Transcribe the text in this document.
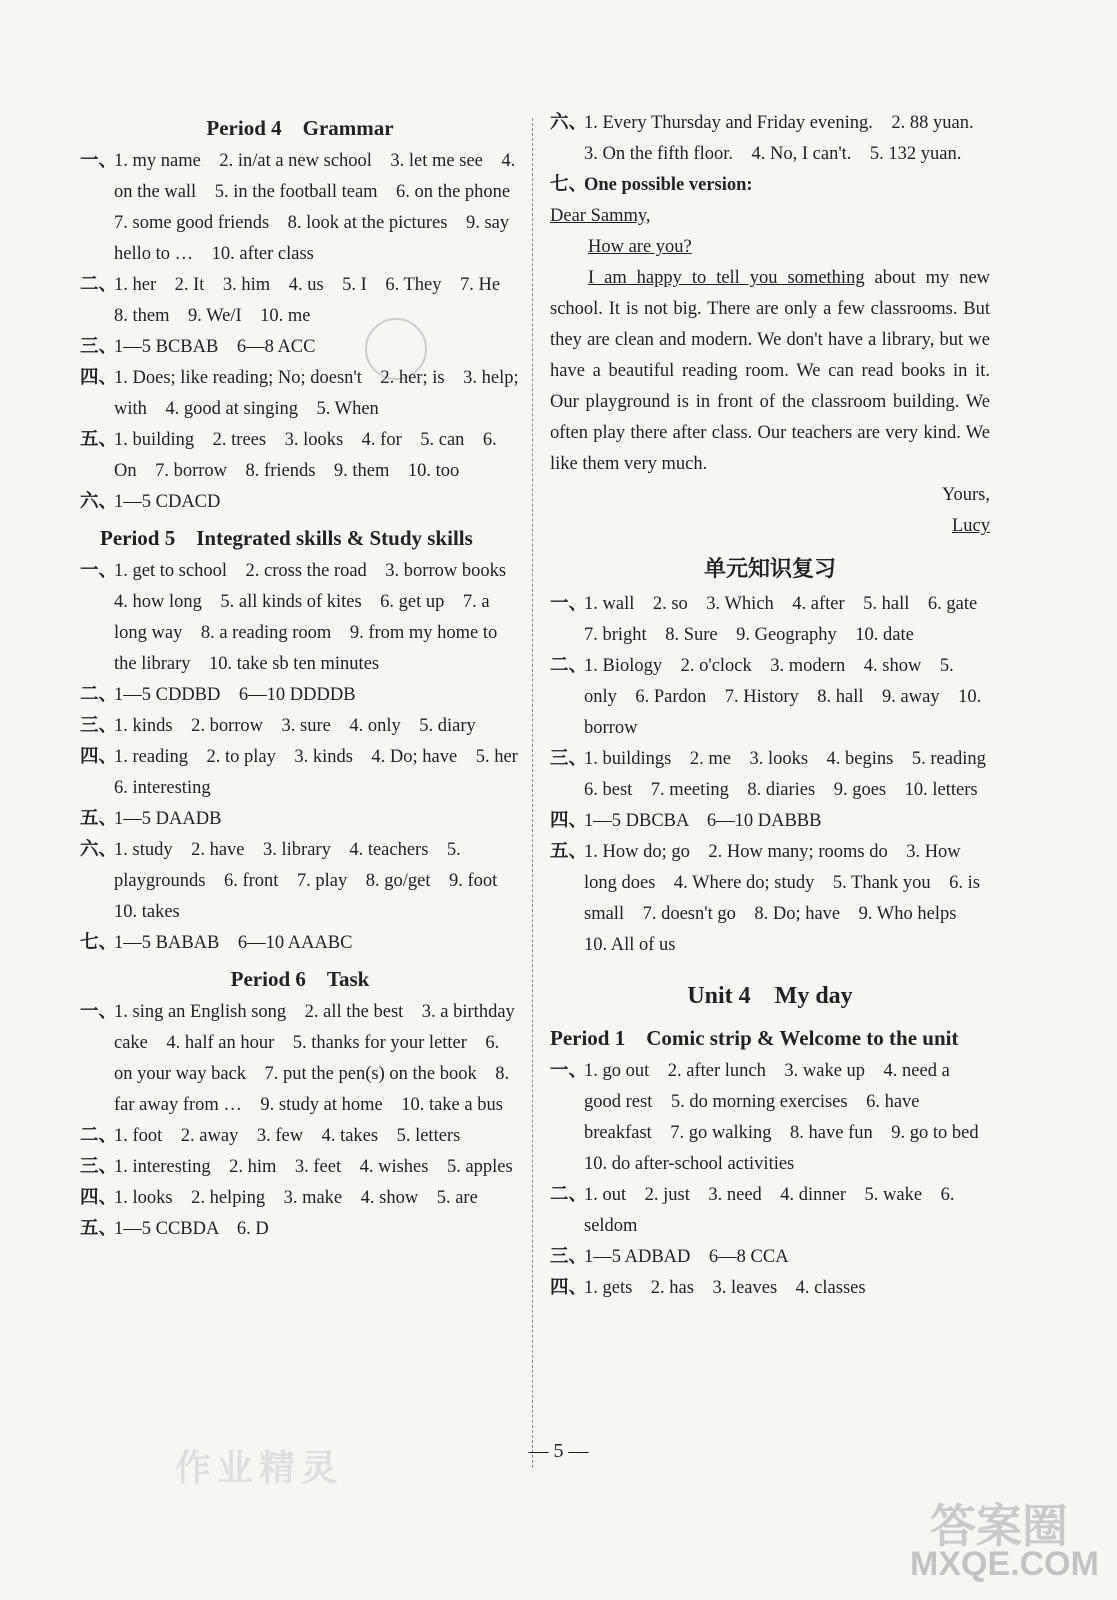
Period 4　Grammar
一、
1. my name　2. in/at a new school　3. let me see　4. on the wall　5. in the football team　6. on the phone　7. some good friends　8. look at the pictures　9. say hello to …　10. after class
二、
1. her　2. It　3. him　4. us　5. I　6. They　7. He　8. them　9. We/I　10. me
三、
1—5 BCBAB　6—8 ACC
四、
1. Does; like reading; No; doesn't　2. her; is　3. help; with　4. good at singing　5. When
五、
1. building　2. trees　3. looks　4. for　5. can　6. On　7. borrow　8. friends　9. them　10. too
六、
1—5 CDACD
Period 5　Integrated skills & Study skills
一、
1. get to school　2. cross the road　3. borrow books　4. how long　5. all kinds of kites　6. get up　7. a long way　8. a reading room　9. from my home to the library　10. take sb ten minutes
二、
1—5 CDDBD　6—10 DDDDB
三、
1. kinds　2. borrow　3. sure　4. only　5. diary
四、
1. reading　2. to play　3. kinds　4. Do; have　5. her　6. interesting
五、
1—5 DAADB
六、
1. study　2. have　3. library　4. teachers　5. playgrounds　6. front　7. play　8. go/get　9. foot　10. takes
七、
1—5 BABAB　6—10 AAABC
Period 6　Task
一、
1. sing an English song　2. all the best　3. a birthday cake　4. half an hour　5. thanks for your letter　6. on your way back　7. put the pen(s) on the book　8. far away from …　9. study at home　10. take a bus
二、
1. foot　2. away　3. few　4. takes　5. letters
三、
1. interesting　2. him　3. feet　4. wishes　5. apples
四、
1. looks　2. helping　3. make　4. show　5. are
五、
1—5 CCBDA　6. D
六、
1. Every Thursday and Friday evening.　2. 88 yuan.　3. On the fifth floor.　4. No, I can't.　5. 132 yuan.
七、
One possible version:
Dear Sammy,
How are you?
I am happy to tell you something about my new school. It is not big. There are only a few classrooms. But they are clean and modern. We don't have a library, but we have a beautiful reading room. We can read books in it. Our playground is in front of the classroom building. We often play there after class. Our teachers are very kind. We like them very much.
Yours,
Lucy
单元知识复习
一、
1. wall　2. so　3. Which　4. after　5. hall　6. gate　7. bright　8. Sure　9. Geography　10. date
二、
1. Biology　2. o'clock　3. modern　4. show　5. only　6. Pardon　7. History　8. hall　9. away　10. borrow
三、
1. buildings　2. me　3. looks　4. begins　5. reading　6. best　7. meeting　8. diaries　9. goes　10. letters
四、
1—5 DBCBA　6—10 DABBB
五、
1. How do; go　2. How many; rooms do　3. How long does　4. Where do; study　5. Thank you　6. is small　7. doesn't go　8. Do; have　9. Who helps　10. All of us
Unit 4　My day
Period 1　Comic strip & Welcome to the unit
一、
1. go out　2. after lunch　3. wake up　4. need a good rest　5. do morning exercises　6. have breakfast　7. go walking　8. have fun　9. go to bed　10. do after-school activities
二、
1. out　2. just　3. need　4. dinner　5. wake　6. seldom
三、
1—5 ADBAD　6—8 CCA
四、
1. gets　2. has　3. leaves　4. classes
— 5 —
作业精灵
答案圈
MXQE.COM
